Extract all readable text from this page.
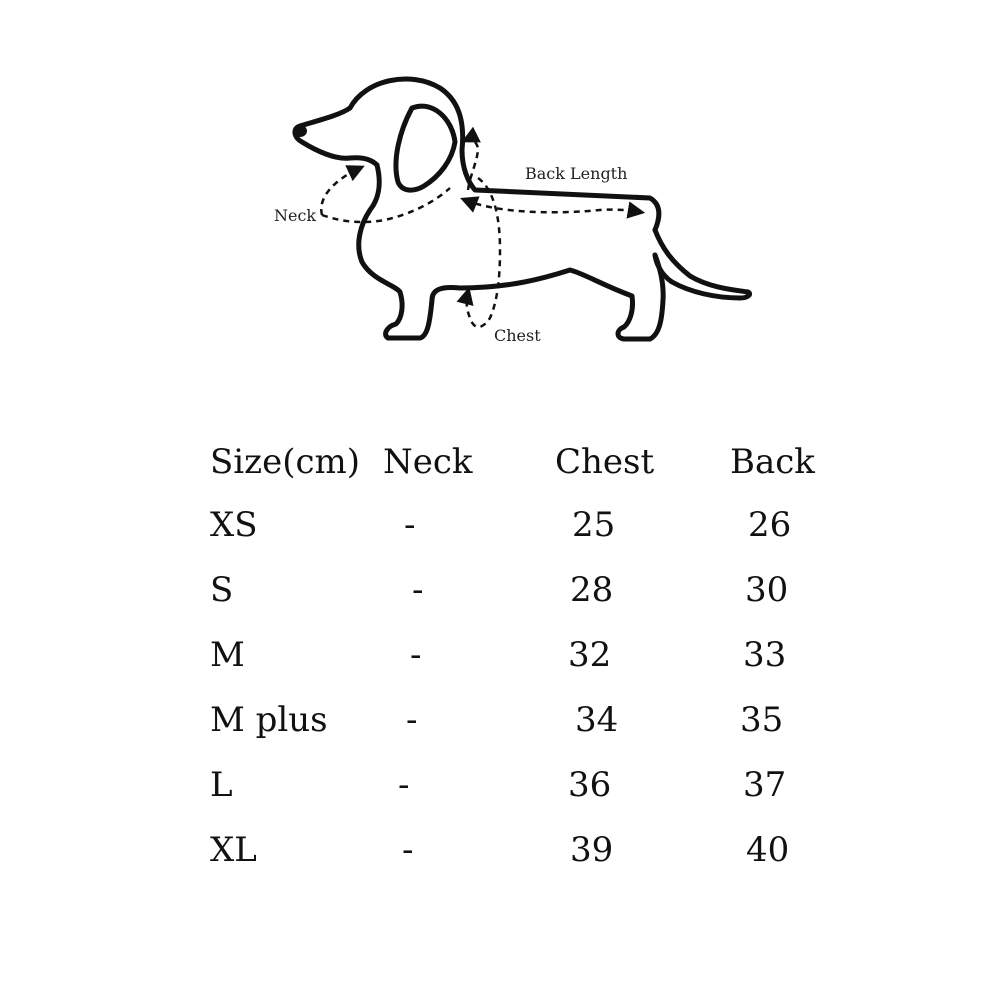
Neck
Back Length
Chest
Size(cm) Neck Chest Back
XS	-	25	26
S	-	28	30
M	-	32	33
M plus -	34	35
L	-	36	37
XL	-	39	40
